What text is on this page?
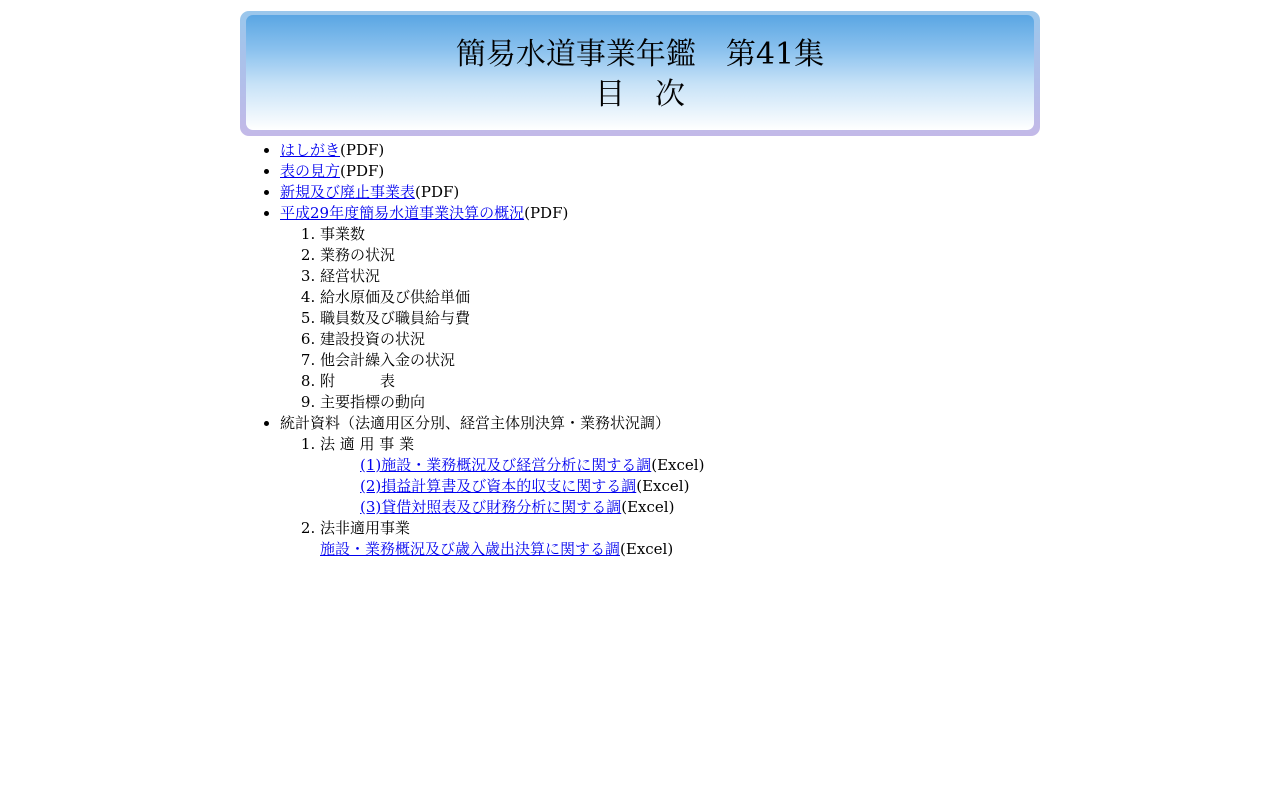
簡易水道事業年鑑　第41集
目　次
• はしがき(PDF)
• 表の見方(PDF)
• 新規及び廃止事業表(PDF)
• 平成29年度簡易水道事業決算の概況(PDF)
1. 事業数
2. 業務の状況
3. 経営状況
4. 給水原価及び供給単価
5. 職員数及び職員給与費
6. 建設投資の状況
7. 他会計繰入金の状況
8. 附　　　表
9. 主要指標の動向
• 統計資料（法適用区分別、経営主体別決算・業務状況調）
1. 法 適 用 事 業
(1)施設・業務概況及び経営分析に関する調(Excel)
(2)損益計算書及び資本的収支に関する調(Excel)
(3)貸借対照表及び財務分析に関する調(Excel)
2. 法非適用事業
施設・業務概況及び歳入歳出決算に関する調(Excel)
